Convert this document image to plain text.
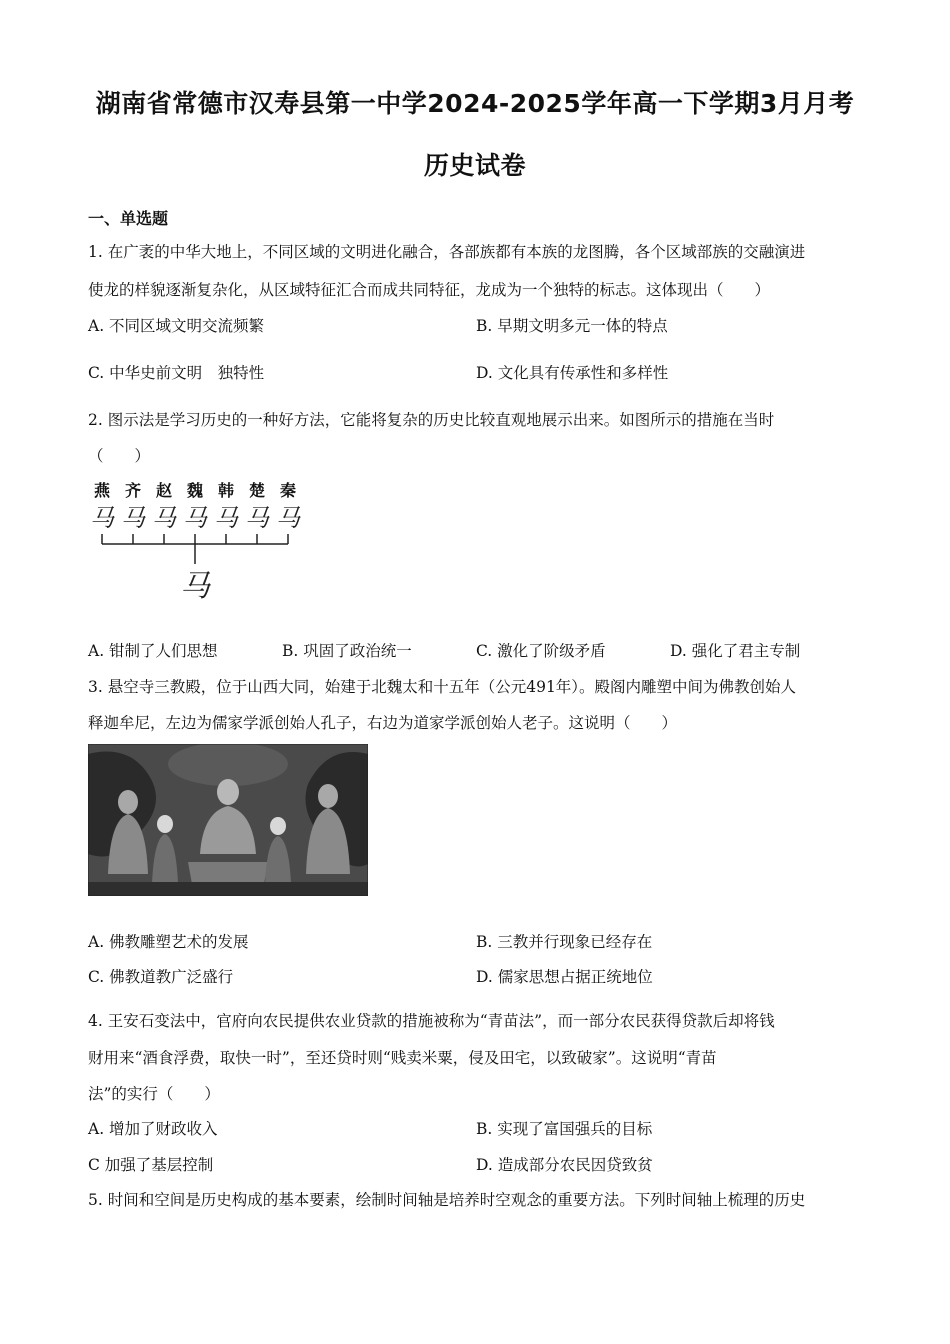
湖南省常德市汉寿县第一中学2024-2025学年高一下学期3月月考
历史试卷
一、单选题
1. 在广袤的中华大地上，不同区域的文明进化融合，各部族都有本族的龙图腾，各个区域部族的交融演进
使龙的样貌逐渐复杂化，从区域特征汇合而成共同特征，龙成为一个独特的标志。这体现出（　　）
A. 不同区域文明交流频繁	B. 早期文明多元一体的特点
C. 中华史前文明　独特性	D. 文化具有传承性和多样性
2. 图示法是学习历史的一种好方法，它能将复杂的历史比较直观地展示出来。如图所示的措施在当时
（　　）
燕 齐 赵 魏 韩 楚 秦
马 马 马 马 马 马 马
马
A. 钳制了人们思想	B. 巩固了政治统一	C. 激化了阶级矛盾	D. 强化了君主专制
3. 悬空寺三教殿，位于山西大同，始建于北魏太和十五年（公元491年）。殿阁内雕塑中间为佛教创始人
释迦牟尼，左边为儒家学派创始人孔子，右边为道家学派创始人老子。这说明（　　）
A. 佛教雕塑艺术的发展	B. 三教并行现象已经存在
C. 佛教道教广泛盛行	D. 儒家思想占据正统地位
4. 王安石变法中，官府向农民提供农业贷款的措施被称为“青苗法”，而一部分农民获得贷款后却将钱
财用来“酒食浮费，取快一时”，至还贷时则“贱卖米粟，侵及田宅，以致破家”。这说明“青苗
法”的实行（　　）
A. 增加了财政收入	B. 实现了富国强兵的目标
C 加强了基层控制	D. 造成部分农民因贷致贫
5. 时间和空间是历史构成的基本要素，绘制时间轴是培养时空观念的重要方法。下列时间轴上梳理的历史
